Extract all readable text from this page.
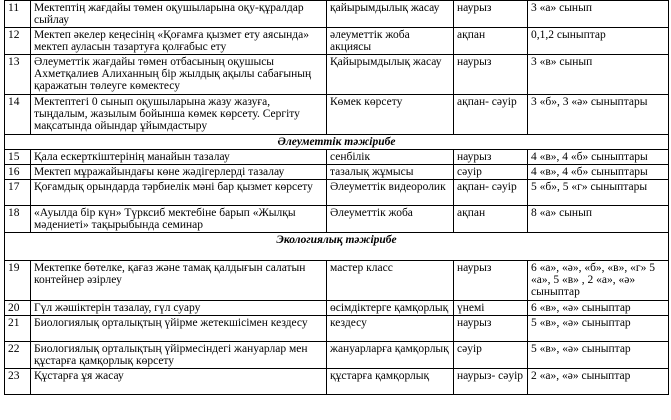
11	Мектептің жағдайы төмен оқушыларына оқу-құралдар сыйлау	қайырымдылық жасау	наурыз	3 «а» сынып
12	Мектеп әкелер кеңесінің «Қоғамға қызмет ету аясында» мектеп ауласын тазартуға қолғабыс ету	әлеуметтік жоба акциясы	ақпан	0,1,2 сыныптар
13	Әлеуметтік жағдайы төмен отбасының оқушысы Ахметқалиев Алиханның бір жылдық ақылы сабағының қаражатын төлеуге көмектесу	Қайырымдылық жасау	наурыз	3 «в» сынып
14	Мектептегі 0 сынып оқушыларына жазу жазуға, тыңдалым, жазылым бойынша көмек көрсету. Сергіту мақсатында ойындар ұйымдастыру	Көмек көрсету	ақпан- сәуір	3 «б», 3 «ә» сыныптары
Әлеуметтік тәжірибе				
15	Қала ескерткіштерінің манайын тазалау	сенбілік	наурыз	4 «в», 4 «б» сыныптары
16	Мектеп мұражайындағы көне жәдігерлерді тазалау	тазалық жұмысы	сәуір	4 «в», 4 «б» сыныптары
17	Қоғамдық орындарда тәрбиелік мәні бар қызмет көрсету	Әлеуметтік видеоролик	ақпан- сәуір	5 «б», 5 «г» сыныптары
18	«Ауылда бір күн» Түрксиб мектебіне барып «Жылқы мәдениеті» тақырыбында семинар	Әлеуметтік жоба	ақпан	8 «а» сынып
Экологиялық тәжірибе				
19	Мектепке бөтелке, қағаз және тамақ қалдығын салатын контейнер әзірлеу	мастер класс	наурыз	6 «а», «ә», «б», «в», «г» 5 «а», 5 «в» , 2 «а», «ә» сыныптар
20	Гүл жәшіктерін тазалау, гүл суару	өсімдіктерге қамқорлық	үнемі	6 «в», «ә» сыныптар
21	Биологиялық орталықтың үйірме жетекшісімен кездесу	кездесу	наурыз	5 «в», «ә» сыныптар
22	Биологиялық орталықтың үйірмесіндегі жануарлар мен құстарға қамқорлық көрсету	жануарларға қамқорлық	сәуір	5 «в», «ә» сыныптар
23	Құстарға ұя жасау	құстарға қамқорлық	наурыз- сәуір	2 «а», «ә» сыныптар
